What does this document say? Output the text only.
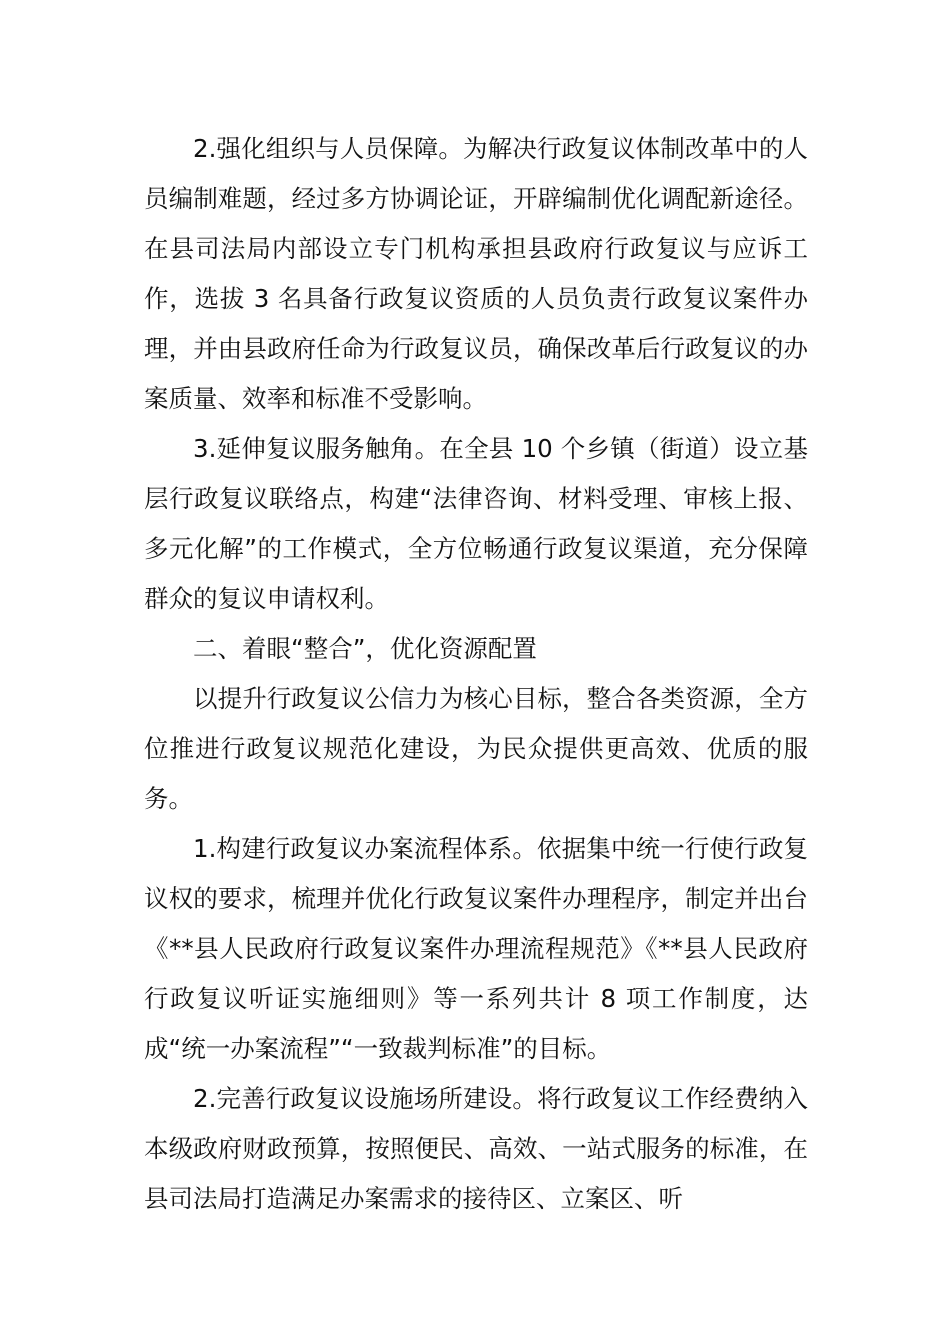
2.强化组织与人员保障。为解决行政复议体制改革中的人员编制难题，经过多方协调论证，开辟编制优化调配新途径。在县司法局内部设立专门机构承担县政府行政复议与应诉工作，选拔 3 名具备行政复议资质的人员负责行政复议案件办理，并由县政府任命为行政复议员，确保改革后行政复议的办案质量、效率和标准不受影响。

3.延伸复议服务触角。在全县 10 个乡镇（街道）设立基层行政复议联络点，构建“法律咨询、材料受理、审核上报、多元化解”的工作模式，全方位畅通行政复议渠道，充分保障群众的复议申请权利。

二、着眼“整合”，优化资源配置

以提升行政复议公信力为核心目标，整合各类资源，全方位推进行政复议规范化建设，为民众提供更高效、优质的服务。

1.构建行政复议办案流程体系。依据集中统一行使行政复议权的要求，梳理并优化行政复议案件办理程序，制定并出台《**县人民政府行政复议案件办理流程规范》《**县人民政府行政复议听证实施细则》等一系列共计 8 项工作制度，达成“统一办案流程”“一致裁判标准”的目标。

2.完善行政复议设施场所建设。将行政复议工作经费纳入本级政府财政预算，按照便民、高效、一站式服务的标准，在县司法局打造满足办案需求的接待区、立案区、听
